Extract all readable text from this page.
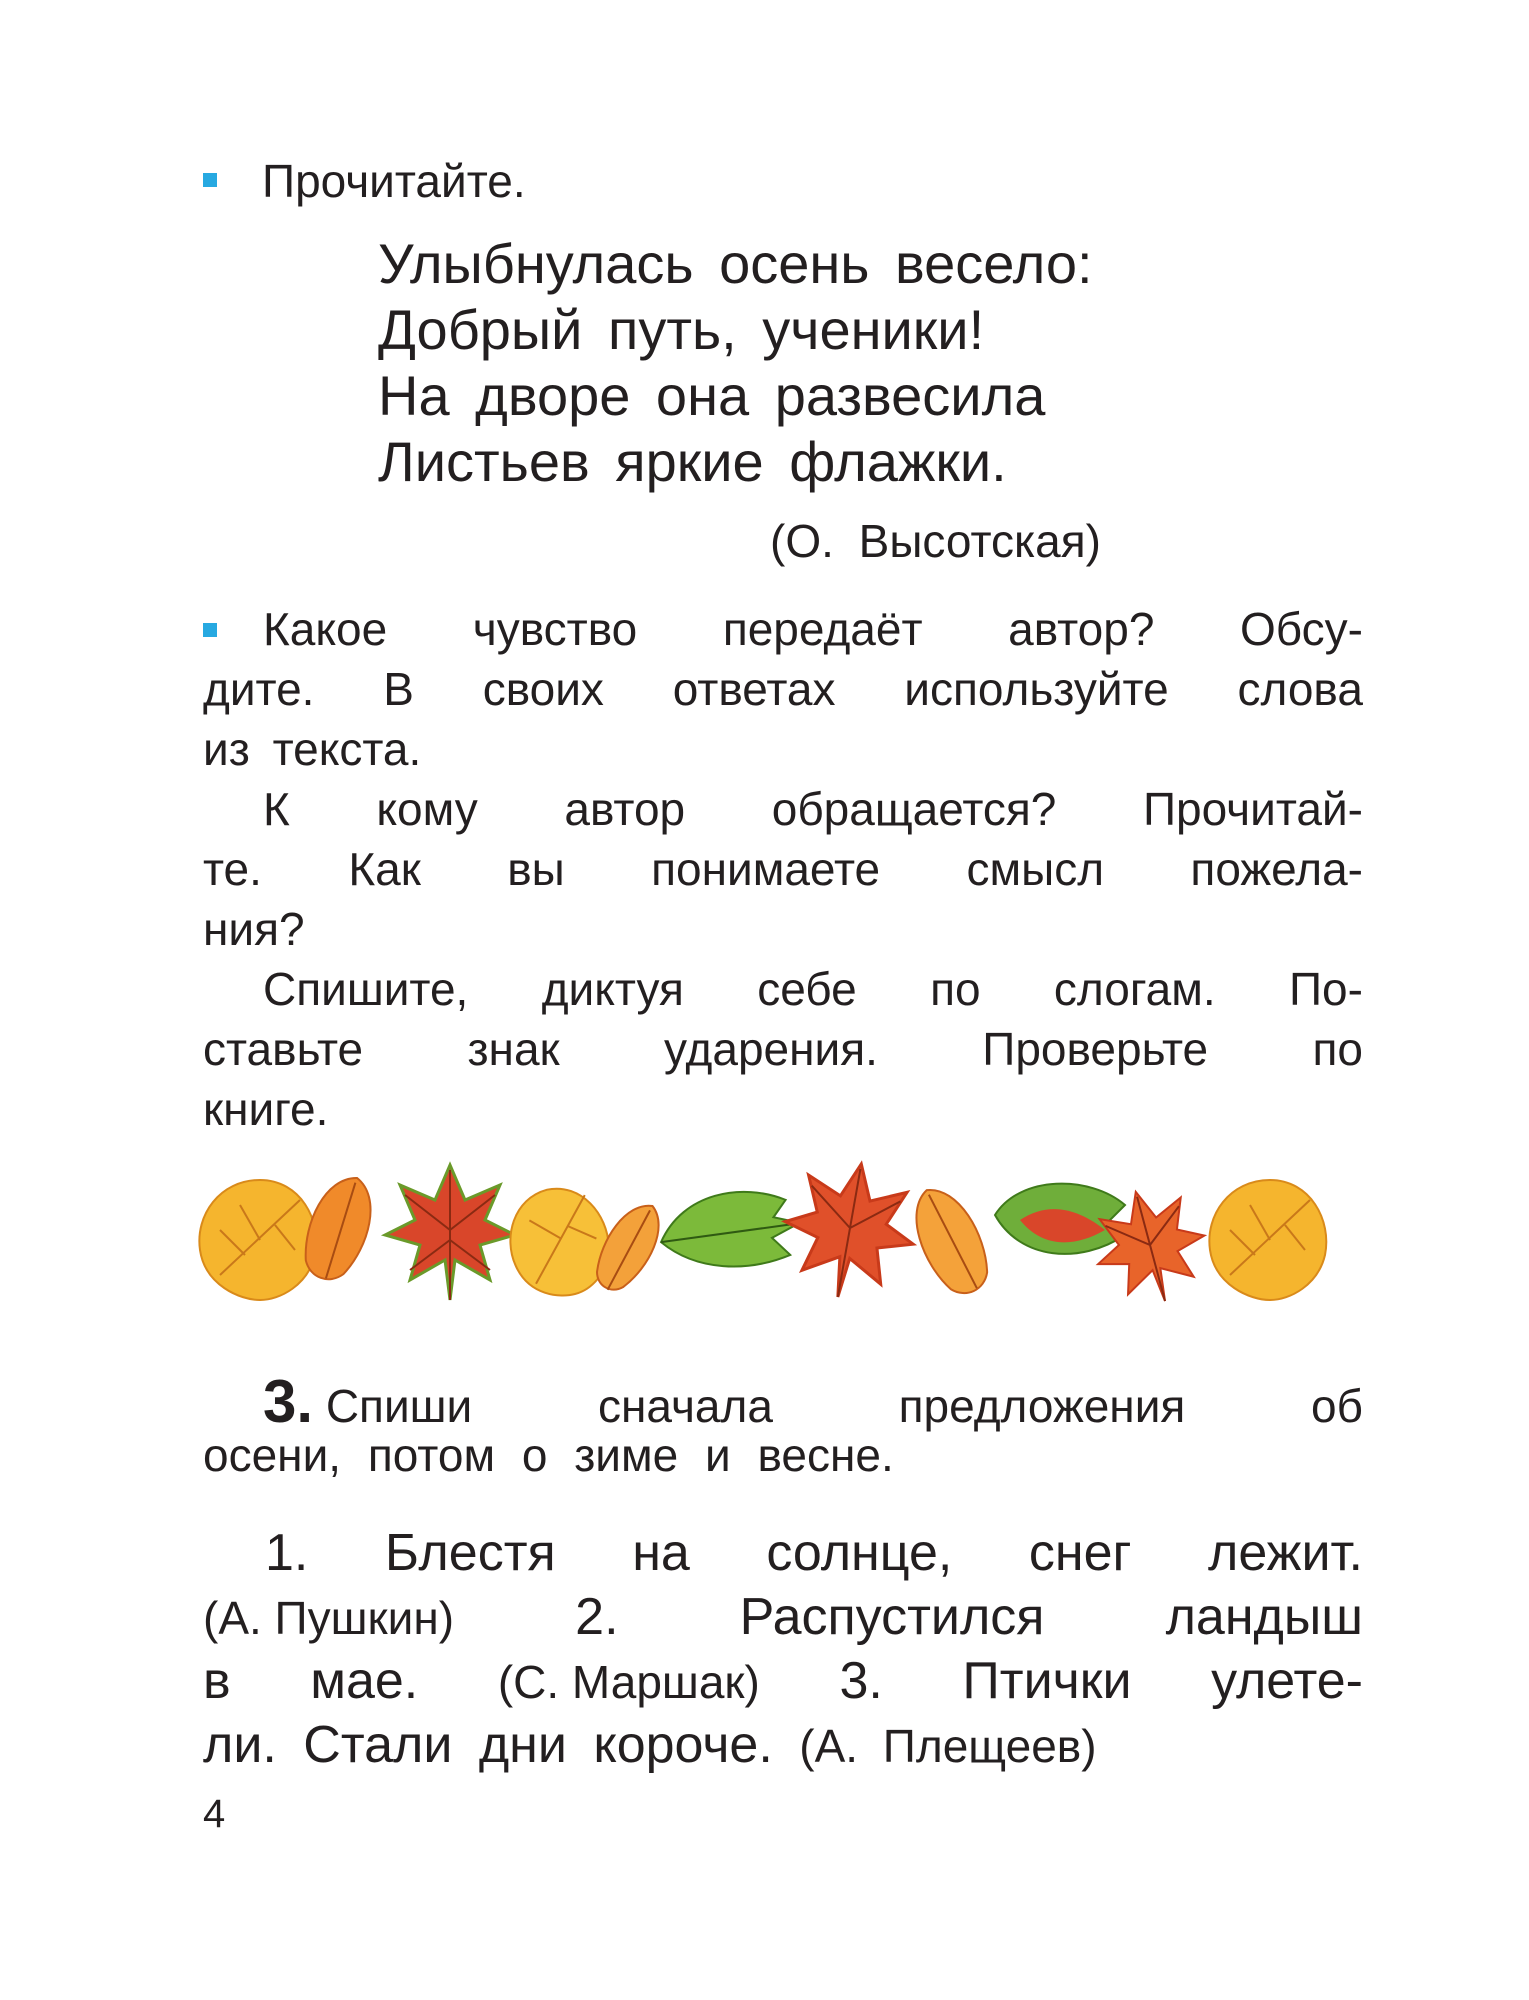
Прочитайте.
Улыбнулась осень весело:
Добрый путь, ученики!
На дворе она развесила
Листьев яркие флажки.
(О. Высотская)
Какое чувство передаёт автор? Обсу-
дите. В своих ответах используйте слова
из текста.
К кому автор обращается? Прочитай-
те. Как вы понимаете смысл пожела-
ния?
Спишите, диктуя себе по слогам. По-
ставьте знак ударения. Проверьте по
книге.
3. Спиши	сначала	предложения	об
осени, потом о зиме и весне.
1. Блестя на солнце, снег лежит.
(А. Пушкин) 2. Распустился ландыш
в мае. (С. Маршак) 3. Птички улете-
ли. Стали дни короче. (А. Плещеев)
4
